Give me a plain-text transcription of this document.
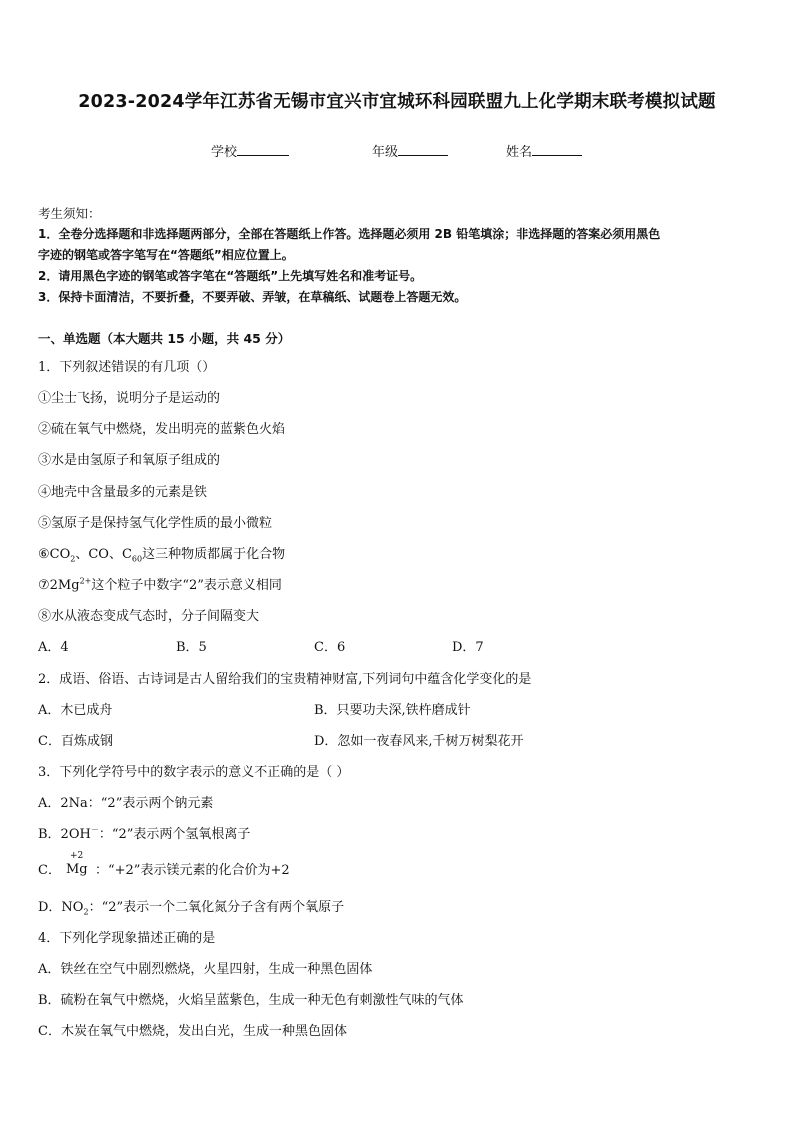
2023-2024学年江苏省无锡市宜兴市宜城环科园联盟九上化学期末联考模拟试题
学校	年级	姓名
考生须知：
1．全卷分选择题和非选择题两部分，全部在答题纸上作答。选择题必须用 2B 铅笔填涂；非选择题的答案必须用黑色
字迹的钢笔或答字笔写在“答题纸”相应位置上。
2．请用黑色字迹的钢笔或答字笔在“答题纸”上先填写姓名和准考证号。
3．保持卡面清洁，不要折叠，不要弄破、弄皱，在草稿纸、试题卷上答题无效。
一、单选题（本大题共 15 小题，共 45 分）
1．下列叙述错误的有几项（）
①尘士飞扬，说明分子是运动的
②硫在氧气中燃烧，发出明亮的蓝紫色火焰
③水是由氢原子和氧原子组成的
④地壳中含量最多的元素是铁
⑤氢原子是保持氢气化学性质的最小微粒
$⑥CO_2$、CO、$C_{60}$这三种物质都属于化合物
$⑦2Mg^{2+}$这个粒子中数字“2”表示意义相同
⑧水从液态变成气态时，分子间隔变大
A．4	B．5	C．6	D．7
2．成语、俗语、古诗词是古人留给我们的宝贵精神财富,下列词句中蕴含化学变化的是
A．木已成舟	B．只要功夫深,铁杵磨成针
C．百炼成钢	D．忽如一夜春风来,千树万树梨花开
3．下列化学符号中的数字表示的意义不正确的是（ ）
A．2Na：“2”表示两个钠元素
B．2OH－：“2”表示两个氢氧根离子
C．
+2
Mg ：“+2”表示镁元素的化合价为+2
D．$NO_2$：“2”表示一个二氧化氮分子含有两个氧原子
4．下列化学现象描述正确的是
A．铁丝在空气中剧烈燃烧，火星四射，生成一种黑色固体
B．硫粉在氧气中燃烧，火焰呈蓝紫色，生成一种无色有刺激性气味的气体
C．木炭在氧气中燃烧，发出白光，生成一种黑色固体
